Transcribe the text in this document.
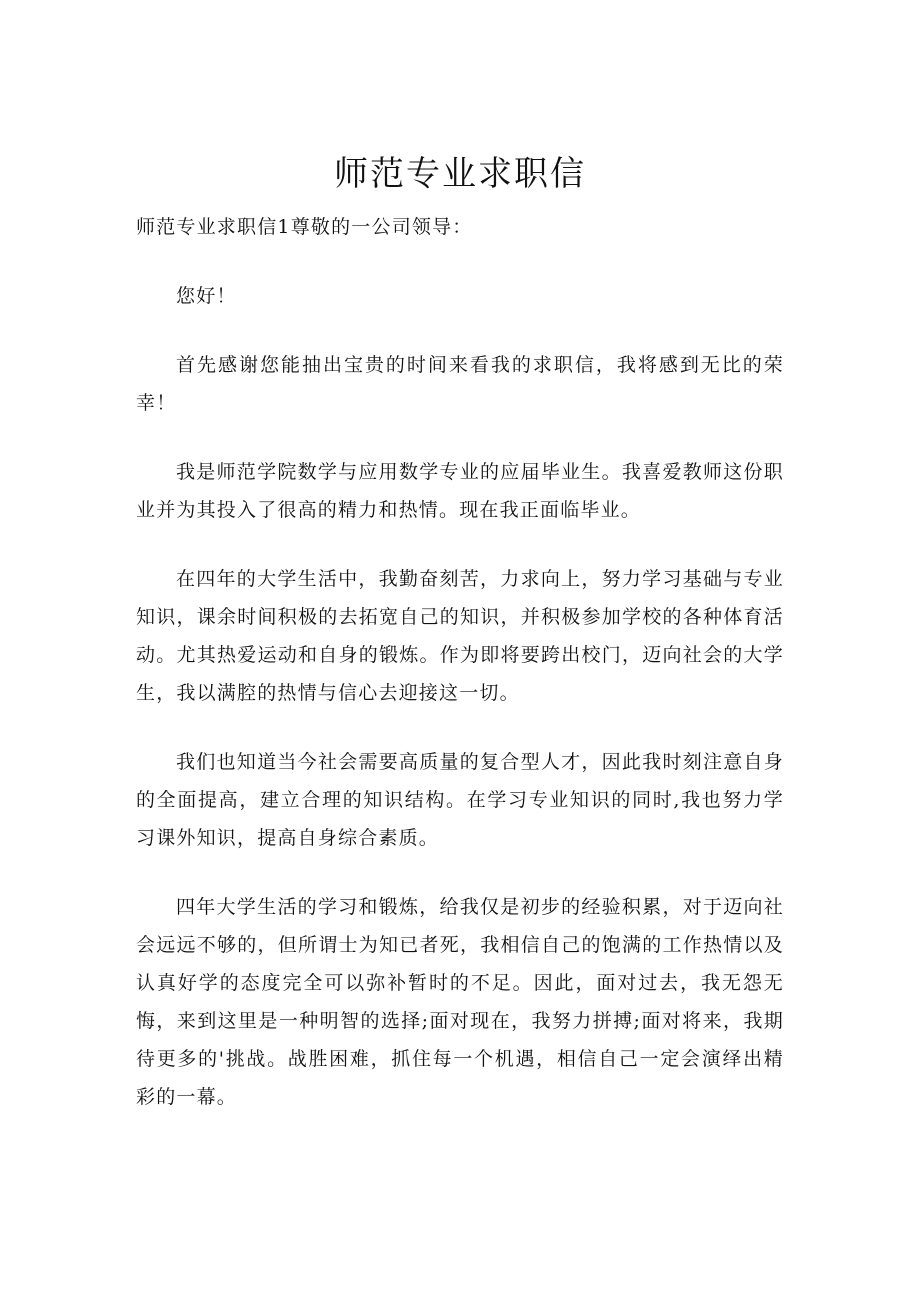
师范专业求职信

师范专业求职信1尊敬的一公司领导：

您好！

首先感谢您能抽出宝贵的时间来看我的求职信，我将感到无比的荣幸！

我是师范学院数学与应用数学专业的应届毕业生。我喜爱教师这份职业并为其投入了很高的精力和热情。现在我正面临毕业。

在四年的大学生活中，我勤奋刻苦，力求向上，努力学习基础与专业知识，课余时间积极的去拓宽自己的知识，并积极参加学校的各种体育活动。尤其热爱运动和自身的锻炼。作为即将要跨出校门，迈向社会的大学生，我以满腔的热情与信心去迎接这一切。

我们也知道当今社会需要高质量的复合型人才，因此我时刻注意自身的全面提高，建立合理的知识结构。在学习专业知识的同时,我也努力学习课外知识，提高自身综合素质。

四年大学生活的学习和锻炼，给我仅是初步的经验积累，对于迈向社会远远不够的，但所谓士为知已者死，我相信自己的饱满的工作热情以及认真好学的态度完全可以弥补暂时的不足。因此，面对过去，我无怨无悔，来到这里是一种明智的选择;面对现在，我努力拼搏;面对将来，我期待更多的'挑战。战胜困难，抓住每一个机遇，相信自己一定会演绎出精彩的一幕。
